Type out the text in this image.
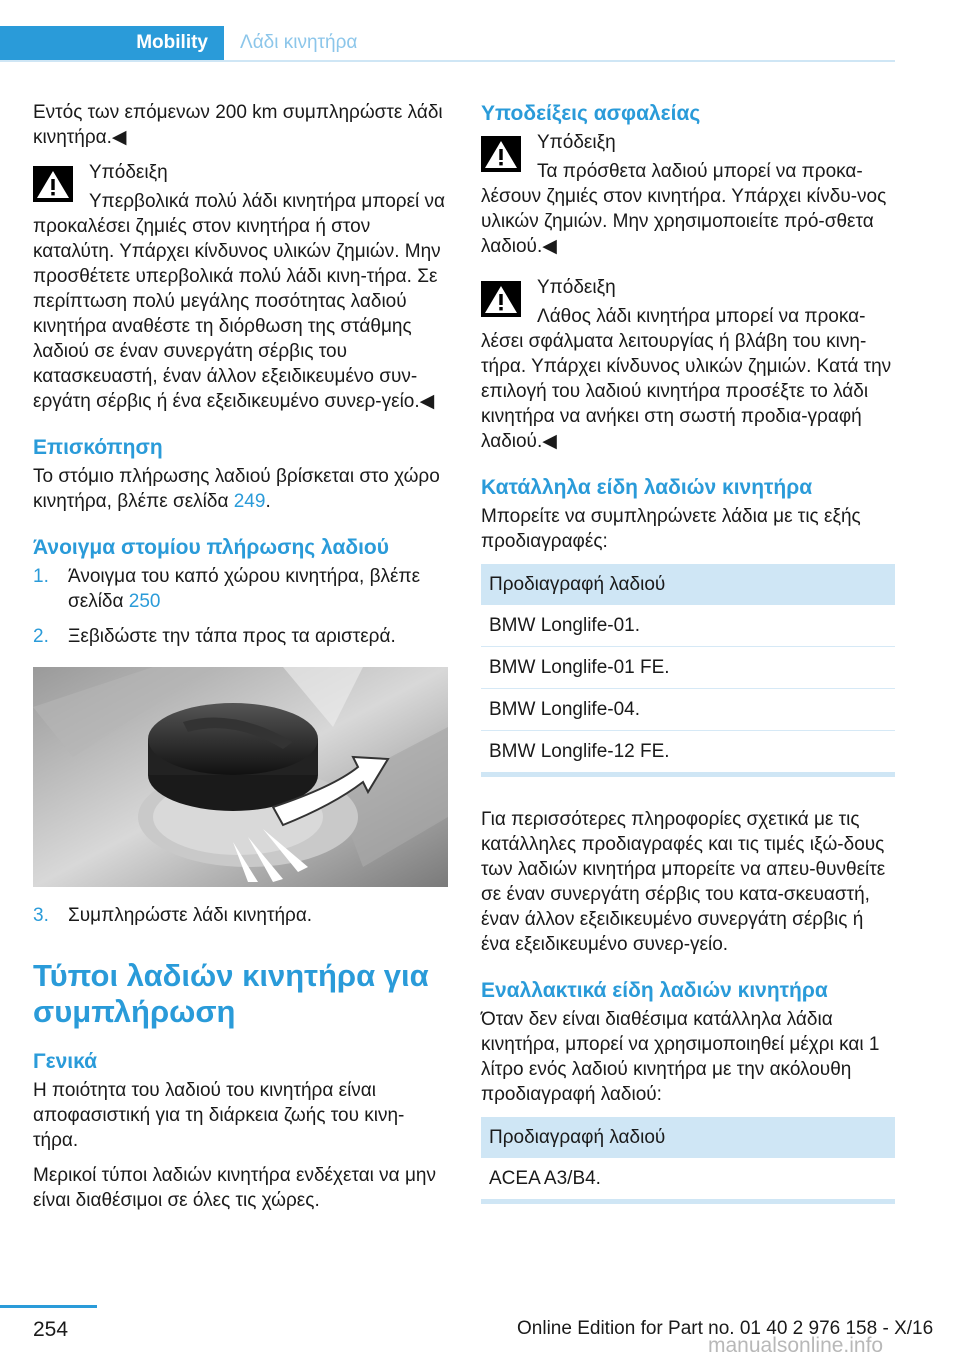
Mobility	Λάδι κινητήρα

Εντός των επόμενων 200 km συμπληρώστε λάδι κινητήρα.◀

Υπόδειξη
Υπερβολικά πολύ λάδι κινητήρα μπορεί να προκαλέσει ζημιές στον κινητήρα ή στον καταλύτη. Υπάρχει κίνδυνος υλικών ζημιών. Μην προσθέτετε υπερβολικά πολύ λάδι κινη‐τήρα. Σε περίπτωση πολύ μεγάλης ποσότητας λαδιού κινητήρα αναθέστε τη διόρθωση της στάθμης λαδιού σε έναν συνεργάτη σέρβις του κατασκευαστή, έναν άλλον εξειδικευμένο συν‐εργάτη σέρβις ή ένα εξειδικευμένο συνερ‐γείο.◀
Επισκόπηση

Το στόμιο πλήρωσης λαδιού βρίσκεται στο χώρο κινητήρα, βλέπε σελίδα 249.

Άνοιγμα στομίου πλήρωσης λαδιού
1.	Άνοιγμα του καπό χώρου κινητήρα, βλέπε σελίδα 250
2.	Ξεβιδώστε την τάπα προς τα αριστερά.
3.	Συμπληρώστε λάδι κινητήρα.
Τύποι λαδιών κινητήρα για συμπλήρωση
Γενικά

Η ποιότητα του λαδιού του κινητήρα είναι αποφασιστική για τη διάρκεια ζωής του κινη‐τήρα.

Μερικοί τύποι λαδιών κινητήρα ενδέχεται να μην είναι διαθέσιμοι σε όλες τις χώρες.

Υποδείξεις ασφαλείας
Υπόδειξη
Τα πρόσθετα λαδιού μπορεί να προκα‐λέσουν ζημιές στον κινητήρα. Υπάρχει κίνδυ‐νος υλικών ζημιών. Μην χρησιμοποιείτε πρό‐σθετα λαδιού.◀
Υπόδειξη
Λάθος λάδι κινητήρα μπορεί να προκα‐λέσει σφάλματα λειτουργίας ή βλάβη του κινη‐τήρα. Υπάρχει κίνδυνος υλικών ζημιών. Κατά την επιλογή του λαδιού κινητήρα προσέξτε το λάδι κινητήρα να ανήκει στη σωστή προδια‐γραφή λαδιού.◀
Κατάλληλα είδη λαδιών κινητήρα

Μπορείτε να συμπληρώνετε λάδια με τις εξής προδιαγραφές:

Προδιαγραφή λαδιού
BMW Longlife-01.
BMW Longlife-01 FE.
BMW Longlife-04.
BMW Longlife-12 FE.

Για περισσότερες πληροφορίες σχετικά με τις κατάλληλες προδιαγραφές και τις τιμές ιξώ‐δους των λαδιών κινητήρα μπορείτε να απευ‐θυνθείτε σε έναν συνεργάτη σέρβις του κατα‐σκευαστή, έναν άλλον εξειδικευμένο συνεργάτη σέρβις ή ένα εξειδικευμένο συνερ‐γείο.

Εναλλακτικά είδη λαδιών κινητήρα

Όταν δεν είναι διαθέσιμα κατάλληλα λάδια κινητήρα, μπορεί να χρησιμοποιηθεί μέχρι και 1 λίτρο ενός λαδιού κινητήρα με την ακόλουθη προδιαγραφή λαδιού:

Προδιαγραφή λαδιού
ACEA A3/B4.
254	Online Edition for Part no. 01 40 2 976 158 - X/16
manualsonline.info
